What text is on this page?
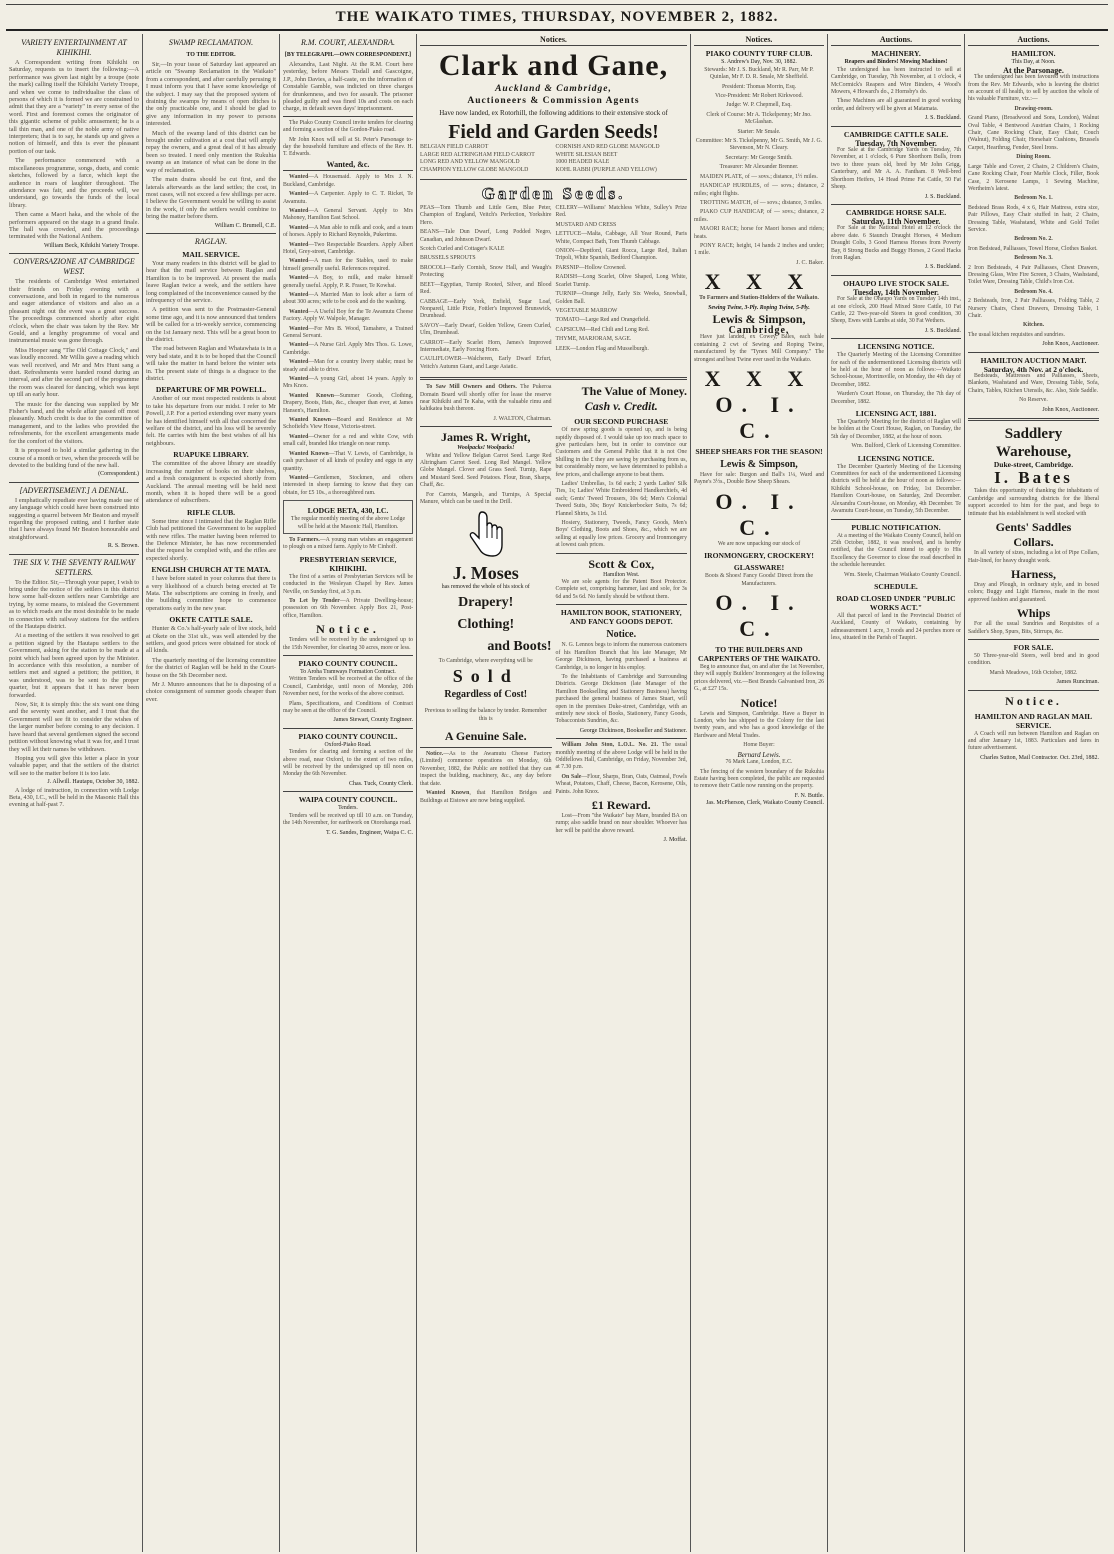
THE WAIKATO TIMES, THURSDAY, NOVEMBER 2, 1882.
VARIETY ENTERTAINMENT AT KIHIKIHI.

A Correspondent writing from Kihikihi on Saturday, requests us to insert the following:—A performance was given last night by a troupe (note the mark) calling itself the Kihikihi Variety Troupe, and when we come to individualise the class of persons of which it is formed we are constrained to admit that they are a "variety" in every sense of the word. First and foremost comes the originator of this gigantic scheme of public amusement; he is a tall thin man, and one of the noble army of native interpreters; that is to say, he stands up and gives a notion of himself, and this is ever the pleasant portion of our task.

The performance commenced with a miscellaneous programme, songs, duets, and comic sketches, followed by a farce, which kept the audience in roars of laughter throughout. The attendance was fair, and the proceeds will, we understand, go towards the funds of the local library.

Then came a Maori haka, and the whole of the performers appeared on the stage in a grand finale. The hall was crowded, and the proceedings terminated with the National Anthem.

William Beck, Kihikihi Variety Troupe.
CONVERSAZIONE AT CAMBRIDGE WEST.

The residents of Cambridge West entertained their friends on Friday evening with a conversazione, and both in regard to the numerous and eager attendance of visitors and also as a pleasant night out the event was a great success. The proceedings commenced shortly after eight o'clock, when the chair was taken by the Rev. Mr Gould, and a lengthy programme of vocal and instrumental music was gone through.

Miss Hooper sang "The Old Cottage Clock," and was loudly encored. Mr Willis gave a reading which was well received, and Mr and Mrs Hunt sang a duet. Refreshments were handed round during an interval, and after the second part of the programme the room was cleared for dancing, which was kept up till an early hour.

The music for the dancing was supplied by Mr Fisher's band, and the whole affair passed off most pleasantly. Much credit is due to the committee of management, and to the ladies who provided the refreshments, for the excellent arrangements made for the comfort of the visitors.

It is proposed to hold a similar gathering in the course of a month or two, when the proceeds will be devoted to the building fund of the new hall.

(Correspondent.)
[ADVERTISEMENT.] A DENIAL.

I emphatically repudiate ever having made use of any language which could have been construed into suggesting a quarrel between Mr Beaton and myself regarding the proposed cutting, and I further state that I have always found Mr Beaton honourable and straightforward.

R. S. Brown.
THE SIX V. THE SEVENTY RAILWAY SETTLERS.

To the Editor. Sir,—Through your paper, I wish to bring under the notice of the settlers in this district how some half-dozen settlers near Cambridge are trying, by some means, to mislead the Government as to which roads are the most desirable to be made in connection with railway stations for the settlers of the Hautapu district.

At a meeting of the settlers it was resolved to get a petition signed by the Hautapu settlers to the Government, asking for the station to be made at a point which had been agreed upon by the Minister. In accordance with this resolution, a number of settlers met and signed a petition; the petition, it was understood, was to be sent to the proper quarter, but it appears that it has never been forwarded.

Now, Sir, it is simply this: the six want one thing and the seventy want another, and I trust that the Government will see fit to consider the wishes of the larger number before coming to any decision. I have heard that several gentlemen signed the second petition without knowing what it was for, and I trust they will let their names be withdrawn.

Hoping you will give this letter a place in your valuable paper, and that the settlers of the district will see to the matter before it is too late.

J. Allwill. Hautapu, October 30, 1882.

A lodge of instruction, in connection with Lodge Beta, 430, I.C., will be held in the Masonic Hall this evening at half-past 7.

SWAMP RECLAMATION.
TO THE EDITOR.

Sir,—In your issue of Saturday last appeared an article on "Swamp Reclamation in the Waikato" from a correspondent, and after carefully perusing it I must inform you that I have some knowledge of the subject. I may say that the proposed system of draining the swamps by means of open ditches is the only practicable one, and I should be glad to give any information in my power to persons interested.

Much of the swamp land of this district can be brought under cultivation at a cost that will amply repay the owners, and a great deal of it has already been so treated. I need only mention the Rukuhia swamp as an instance of what can be done in the way of reclamation.

The main drains should be cut first, and the laterals afterwards as the land settles; the cost, in most cases, will not exceed a few shillings per acre. I believe the Government would be willing to assist in the work, if only the settlers would combine to bring the matter before them.

William C. Brumell, C.E.
RAGLAN.
MAIL SERVICE.

Your many readers in this district will be glad to hear that the mail service between Raglan and Hamilton is to be improved. At present the mails leave Raglan twice a week, and the settlers have long complained of the inconvenience caused by the infrequency of the service.

A petition was sent to the Postmaster-General some time ago, and it is now announced that tenders will be called for a tri-weekly service, commencing on the 1st January next. This will be a great boon to the district.

The road between Raglan and Whatawhata is in a very bad state, and it is to be hoped that the Council will take the matter in hand before the winter sets in. The present state of things is a disgrace to the district.

DEPARTURE OF MR POWELL.

Another of our most respected residents is about to take his departure from our midst. I refer to Mr Powell, J.P. For a period extending over many years he has identified himself with all that concerned the welfare of the district, and his loss will be severely felt. He carries with him the best wishes of all his neighbours.

RUAPUKE LIBRARY.

The committee of the above library are steadily increasing the number of books on their shelves, and a fresh consignment is expected shortly from Auckland. The annual meeting will be held next month, when it is hoped there will be a good attendance of subscribers.

RIFLE CLUB.

Some time since I intimated that the Raglan Rifle Club had petitioned the Government to be supplied with new rifles. The matter having been referred to the Defence Minister, he has now recommended that the request be complied with, and the rifles are expected shortly.

ENGLISH CHURCH AT TE MATA.

I have before stated in your columns that there is a very likelihood of a church being erected at Te Mata. The subscriptions are coming in freely, and the building committee hope to commence operations early in the new year.

OKETE CATTLE SALE.

Hunter & Co.'s half-yearly sale of live stock, held at Okete on the 31st ult., was well attended by the settlers, and good prices were obtained for stock of all kinds.

The quarterly meeting of the licensing committee for the district of Raglan will be held in the Court-house on the 5th December next.

Mr J. Munro announces that he is disposing of a choice consignment of summer goods cheaper than ever.

R.M. COURT, ALEXANDRA.
[BY TELEGRAPH.—OWN CORRESPONDENT.]

Alexandra, Last Night. At the R.M. Court here yesterday, before Messrs Tisdall and Gascoigne, J.P., John Davies, a half-caste, on the information of Constable Gamble, was indicted on three charges for drunkenness, and two for assault. The prisoner pleaded guilty and was fined 10s and costs on each charge, in default seven days' imprisonment.

The Piako County Council invite tenders for clearing and forming a section of the Gordon-Piako road.

Mr John Knox will sell at St. Peter's Parsonage to-day the household furniture and effects of the Rev. H. T. Edwards.

Wanted, &c.

Wanted—A Housemaid. Apply to Mrs J. N. Buckland, Cambridge.

Wanted—A Carpenter. Apply to C. T. Ricket, Te Awamutu.

Wanted—A General Servant. Apply to Mrs Mahoney, Hamilton East School.

Wanted—A Man able to milk and cook, and a team of horses. Apply to Richard Reynolds, Pukerimu.

Wanted—Two Respectable Boarders. Apply Albert Hotel, Grey-street, Cambridge.

Wanted—A man for the Stables, used to make himself generally useful. References required.

Wanted—A Boy, to milk, and make himself generally useful. Apply, P. R. Fraser, Te Kowhai.

Wanted—A Married Man to look after a farm of about 300 acres; wife to be cook and do the washing.

Wanted—A Useful Boy for the Te Awamutu Cheese Factory. Apply W. Walpole, Manager.

Wanted—For Mrs B. Wood, Tamahere, a Trained General Servant.

Wanted—A Nurse Girl. Apply Mrs Thos. G. Lowe, Cambridge.

Wanted—Man for a country livery stable; must be steady and able to drive.

Wanted—A young Girl, about 14 years. Apply to Mrs Knox.

Wanted Known—Summer Goods, Clothing, Drapery, Boots, Hats, &c., cheaper than ever, at James Hansen's, Hamilton.

Wanted Known—Board and Residence at Mr Schofield's View House, Victoria-street.

Wanted—Owner for a red and white Cow, with small calf, branded like triangle on near rump.

Wanted Known—That V. Lewis, of Cambridge, is cash purchaser of all kinds of poultry and eggs in any quantity.

Wanted—Gentlemen, Stockmen, and others interested in sheep farming to know that they can obtain, for £5 10s., a thoroughbred ram.

LODGE BETA, 430, I.C.
The regular monthly meeting of the above Lodge will be held at the Masonic Hall, Hamilton.

To Farmers.—A young man wishes an engagement to plough on a mixed farm. Apply to Mr Cinhoff.

PRESBYTERIAN SERVICE, KIHIKIHI.

The first of a series of Presbyterian Services will be conducted in the Wesleyan Chapel by Rev. James Neville, on Sunday first, at 3 p.m.

To Let by Tender—A Private Dwelling-house; possession on 6th November. Apply Box 21, Post-office, Hamilton.

Notice.

Tenders will be received by the undersigned up to the 15th November, for clearing 30 acres, more or less.

PIAKO COUNTY COUNCIL.
To Aroha Tramways Formation Contract.

Written Tenders will be received at the office of the Council, Cambridge, until noon of Monday, 20th November next, for the works of the above contract.

Plans, Specifications, and Conditions of Contract may be seen at the office of the Council.

James Stewart, County Engineer.
PIAKO COUNTY COUNCIL.
Oxford-Piako Road.

Tenders for clearing and forming a section of the above road, near Oxford, to the extent of two miles, will be received by the undersigned up till noon on Monday the 6th November.

Chas. Tuck, County Clerk.
WAIPA COUNTY COUNCIL.
Tenders.

Tenders will be received up till 10 a.m. on Tuesday, the 14th November, for earthwork on Otorohanga road.

T. G. Sandes, Engineer, Waipa C. C.
Notices.
Clark and Gane,
Auckland & Cambridge,
Auctioneers & Commission Agents
Have now landed, ex Rotorhill, the following additions to their extensive stock of
Field and Garden Seeds!

BELGIAN FIELD CARROT
LARGE RED ALTRINGHAM FIELD CARROT
LONG RED AND YELLOW MANGOLD
CHAMPION YELLOW GLOBE MANGOLD

CORNISH AND RED GLOBE MANGOLD
WHITE SILESIAN BEET
1000 HEADED KALE
KOHL RABBI (PURPLE AND YELLOW)

Garden Seeds.

PEAS—Tom Thumb and Little Gem, Blue Peter, Champion of England, Veitch's Perfection, Yorkshire Hero.

BEANS—Tale Dun Dwarf, Long Podded Negro, Canadian, and Johnson Dwarf.

Scotch Curled and Cottager's KALE

BRUSSELS SPROUTS

BROCOLI—Early Cornish, Snow Hall, and Waugh's Protecting

BEET—Egyptian, Turnip Rooted, Silver, and Blood Red.

CABBAGE—Early York, Enfield, Sugar Loaf, Nonpareil, Little Pixie, Fottler's Improved Brunswick, Drumhead.

SAVOY—Early Dwarf, Golden Yellow, Green Curled, Ulm, Drumhead.

CARROT—Early Scarlet Horn, James's Improved Intermediate, Early Forcing Horn.

CAULIFLOWER—Walcheren, Early Dwarf Erfurt, Veitch's Autumn Giant, and Large Asiatic.

CELERY—Williams' Matchless White, Sulley's Prize Red.

MUSTARD AND CRESS

LETTUCE—Malta, Cabbage, All Year Round, Paris White, Compact Bath, Tom Thumb Cabbage.

ONION—Deptford, Giant Rocca, Large Red, Italian Tripoli, White Spanish, Bedford Champion.

PARSNIP—Hollow Crowned.

RADISH—Long Scarlet, Olive Shaped, Long White, Scarlet Turnip.

TURNIP—Orange Jelly, Early Six Weeks, Snowball, Golden Ball.

VEGETABLE MARROW

TOMATO—Large Red and Orangefield.

CAPSICUM—Red Chili and Long Red.

THYME, MARJORAM, SAGE.

LEEK—London Flag and Musselburgh.

To Saw Mill Owners and Others. The Pukeroa Domain Board will shortly offer for lease the reserve near Kihikihi and Te Kaha, with the valuable rimu and kahikatea bush thereon.

J. WALTON, Chairman.

James R. Wright,
Woolpacks! Woolpacks!

White and Yellow Belgian Carrot Seed. Large Red Altringham Carrot Seed. Long Red Mangel. Yellow Globe Mangel. Clover and Grass Seed. Turnip, Rape and Mustard Seed. Seed Potatoes. Flour, Bran, Sharps, Chaff, &c.

For Carrots, Mangels, and Turnips, A Special Manure, which can be used in the Drill.

J. Moses
has removed the whole of his stock of
Drapery!
Clothing!
and Boots!
To Cambridge, where everything will be
Sold
Regardless of Cost!
Previous to selling the balance by tender. Remember this is
A Genuine Sale.

Notice.—As to the Awamutu Cheese Factory (Limited) commence operations on Monday, 6th November, 1882, the Public are notified that they can inspect the building, machinery, &c., any day before that date.

Wanted Known, that Hamilton Bridges and Buildings at Eistowe are now being supplied.

The Value of Money.
Cash v. Credit.
OUR SECOND PURCHASE

Of new spring goods is opened up, and is being rapidly disposed of. I would take up too much space to give particulars here, but in order to convince our Customers and the General Public that it is not One Shilling in the £ they are saving by purchasing from us, but considerably more, we have determined to publish a few prices, and challenge anyone to beat them.

Ladies' Umbrellas, 1s 6d each; 2 yards Ladies' Silk Ties, 1s; Ladies' White Embroidered Handkerchiefs, 4d each; Gents' Tweed Trousers, 10s 6d; Men's Colonial Tweed Suits, 30s; Boys' Knickerbocker Suits, 7s 6d; Flannel Shirts, 3s 11d.

Hosiery, Stationery, Tweeds, Fancy Goods, Men's Boys' Clothing, Boots and Shoes, &c., which we are selling at equally low prices. Grocery and Ironmongery at lowest cash prices.

Scott & Cox,
Hamilton West.

We are sole agents for the Patent Boot Protector. Complete set, comprising hammer, last and sole, for 3s 6d and 5s 6d. No family should be without them.

HAMILTON BOOK, STATIONERY, AND FANCY GOODS DEPOT.
Notice.

N. G. Lennox begs to inform the numerous customers of his Hamilton Branch that his late Manager, Mr George Dickinson, having purchased a business at Cambridge, is no longer in his employ.

To the Inhabitants of Cambridge and Surrounding Districts. George Dickinson (late Manager of the Hamilton Bookselling and Stationery Business) having purchased the general business of James Stuart, will open in the premises Duke-street, Cambridge, with an entirely new stock of Books, Stationery, Fancy Goods, Tobacconists Sundries, &c.

George Dickinson, Bookseller and Stationer.

William John Ston, L.O.L. No. 21. The usual monthly meeting of the above Lodge will be held in the Oddfellows Hall, Cambridge, on Friday, November 3rd, at 7.30 p.m.

On Sale—Flour, Sharps, Bran, Oats, Oatmeal, Fowls Wheat, Potatoes, Chaff, Cheese, Bacon, Kerosene, Oils, Paints. John Knox.

£1 Reward.

Lost—From "the Waikato" bay Mare, branded BA on rump; also saddle brand on near shoulder. Whoever has her will be paid the above reward.

J. Moffat.
Notices.
PIAKO COUNTY TURF CLUB.
S. Andrew's Day, Nov. 30, 1882.

Stewards: Mr J. S. Buckland, Mr R. Parr, Mr P. Quinlan, Mr F. D. R. Smale, Mr Sheffield.

President: Thomas Morrin, Esq.

Vice-President: Mr Robert Kirkwood.

Judge: W. P. Chepmell, Esq.

Clerk of Course: Mr A. Tickelpenny; Mr Jno. McGlashan.

Starter: Mr Smale.

Committee: Mr S. Tickelpenny, Mr G. Smith, Mr J. G. Stevenson, Mr N. Cleary.

Secretary: Mr George Smith.

Treasurer: Mr Alexander Brenner.

MAIDEN PLATE, of — sovs.; distance, 1½ miles.

HANDICAP HURDLES, of — sovs.; distance, 2 miles; eight flights.

TROTTING MATCH, of — sovs.; distance, 3 miles.

PIAKO CUP HANDICAP, of — sovs.; distance, 2 miles.

MAORI RACE; horse for Maori horses and riders; heats.

PONY RACE; height, 14 hands 2 inches and under; 1 mile.

J. C. Baker.

X X X

To Farmers and Station-Holders of the Waikato.

Sewing Twine, 3-Ply. Roping Twine, 5-Ply.
Lewis & Simpson,
Cambridge,

Have just landed, ex Cowey, Bales, each bale containing 2 cwt of Sewing and Roping Twine, manufactured by the "Tynex Mill Company." The strongest and best Twine ever used in the Waikato.

X X X
O. I. C.
SHEEP SHEARS FOR THE SEASON!
Lewis & Simpson,

Have for sale: Burgon and Ball's 1¼, Ward and Payne's 3½s., Double Bow Sheep Shears.

O. I. C.

We are now unpacking our stock of

IRONMONGERY, CROCKERY!
GLASSWARE!

Boots & Shoes! Fancy Goods! Direct from the Manufacturers.

O. I. C.
TO THE BUILDERS AND CARPENTERS OF THE WAIKATO.

Beg to announce that, on and after the 1st November, they will supply Builders' Ironmongery at the following prices delivered, viz.—Best Brands Galvanised Iron, 26 G., at £27 15s.

Notice!

Lewis and Simpson, Cambridge. Have a Buyer in London, who has shipped to the Colony for the last twenty years, and who has a good knowledge of the Hardware and Metal Trades.

Home Buyer:

Bernard Lewis.

76 Mark Lane, London, E.C.

The fencing of the western boundary of the Rukuhia Estate having been completed, the public are requested to remove their Cattle now running on the property.

F. N. Buttle.
Jas. McPherson, Clerk, Waikato County Council.
Auctions.
MACHINERY.
Reapers and Binders! Mowing Machines!

The undersigned has been instructed to sell at Cambridge, on Tuesday, 7th November, at 1 o'clock, 4 McCormick's Reapers and Wire Binders, 4 Wood's Mowers, 4 Howard's do., 2 Hornsby's do.

These Machines are all guaranteed in good working order, and delivery will be given at Matamata.

J. S. Buckland.
CAMBRIDGE CATTLE SALE.
Tuesday, 7th November.

For Sale at the Cambridge Yards on Tuesday, 7th November, at 1 o'clock, 6 Pure Shorthorn Bulls, from two to three years old, bred by Mr John Grigg, Canterbury, and Mr A. A. Fantham. 8 Well-bred Shorthorn Heifers, 14 Head Prime Fat Cattle, 50 Fat Sheep.

J. S. Buckland.
CAMBRIDGE HORSE SALE.
Saturday, 11th November.

For Sale at the National Hotel at 12 o'clock the above date. 6 Staunch Draught Horses, 4 Medium Draught Colts, 3 Good Harness Horses from Poverty Bay, 8 Strong Bucks and Buggy Horses, 2 Good Hacks from Raglan.

J. S. Buckland.
OHAUPO LIVE STOCK SALE.
Tuesday, 14th November.

For Sale at the Ohaupo Yards on Tuesday 14th inst., at one o'clock, 200 Head Mixed Store Cattle, 10 Fat Cattle, 22 Two-year-old Steers in good condition, 30 Sheep, Ewes with Lambs at side, 30 Fat Wethers.

J. S. Buckland.
LICENSING NOTICE.

The Quarterly Meeting of the Licensing Committee for each of the undermentioned Licensing districts will be held at the hour of noon as follows:—Waikato School-house, Morrinsville, on Monday, the 4th day of December, 1882.

Warden's Court House, on Thursday, the 7th day of December, 1882.

LICENSING ACT, 1881.

The Quarterly Meeting for the district of Raglan will be holden at the Court House, Raglan, on Tuesday, the 5th day of December, 1882, at the hour of noon.

Wm. Bulford, Clerk of Licensing Committee.

LICENSING NOTICE.

The December Quarterly Meeting of the Licensing Committees for each of the undermentioned Licensing districts will be held at the hour of noon as follows:—Kihikihi School-house, on Friday, 1st December. Hamilton Court-house, on Saturday, 2nd December. Alexandra Court-house, on Monday, 4th December. Te Awamutu Court-house, on Tuesday, 5th December.

PUBLIC NOTIFICATION.

At a meeting of the Waikato County Council, held on 25th October, 1882, it was resolved, and is hereby notified, that the Council intend to apply to His Excellency the Governor to close the road described in the schedule hereunder.

Wm. Steele, Chairman Waikato County Council.

SCHEDULE.
ROAD CLOSED UNDER "PUBLIC WORKS ACT."

All that parcel of land in the Provincial District of Auckland, County of Waikato, containing by admeasurement 1 acre, 3 roods and 24 perches more or less, situated in the Parish of Taupiri.

Auctions.
HAMILTON.
This Day, at Noon.
At the Parsonage.

The undersigned has been favoured with instructions from the Rev. Mr Edwards, who is leaving the district on account of ill health, to sell by auction the whole of his valuable Furniture, viz.:—

Drawing-room.

Grand Piano, (Broadwood and Sons, London), Walnut Oval Table, 4 Bentwood Austrian Chairs, 1 Rocking Chair, Cane Rocking Chair, Easy Chair, Couch (Walnut), Folding Chair, Horsehair Cushions, Brussels Carpet, Hearthrug, Fender, Steel Irons.

Dining Room.

Large Table and Cover, 2 Chairs, 2 Children's Chairs, Cane Rocking Chair, Four Marble Clock, Filler, Book Case, 2 Kerosene Lamps, 1 Sewing Machine, Wertheim's latest.

Bedroom No. 1.

Bedstead Brass Rods, 4 x 6, Hair Mattress, extra size, Pair Pillows, Easy Chair stuffed in hair, 2 Chairs, Dressing Table, Washstand, White and Gold Toilet Service.

Bedroom No. 2.

Iron Bedstead, Palliasses, Towel Horse, Clothes Basket.

Bedroom No. 3.

2 Iron Bedsteads, 4 Pair Palliasses, Chest Drawers, Dressing Glass, Wire Fire Screen, 3 Chairs, Washstand, Toilet Ware, Dressing Table, Child's Iron Cot.

Bedroom No. 4.

2 Bedsteads, Iron, 2 Pair Palliasses, Folding Table, 2 Nursery Chairs, Chest Drawers, Dressing Table, 1 Chair.

Kitchen.

The usual kitchen requisites and sundries.

John Knox, Auctioneer.
HAMILTON AUCTION MART.
Saturday, 4th Nov. at 2 o'clock.

Bedsteads, Mattresses and Palliasses, Sheets, Blankets, Washstand and Ware, Dressing Table, Sofa, Chairs, Tables, Kitchen Utensils, &c. Also, Side Saddle.

No Reserve.

John Knox, Auctioneer.
Saddlery Warehouse,
Duke-street, Cambridge.
I. Bates

Takes this opportunity of thanking the inhabitants of Cambridge and surrounding districts for the liberal support accorded to him for the past, and begs to intimate that his establishment is well stocked with

Gents' Saddles
Collars.

In all variety of sizes, including a lot of Pipe Collars, Hair-lined, for heavy draught work.

Harness,

Dray and Plough, in ordinary style, and in boxed colors; Buggy and Light Harness, made in the most approved fashion and guaranteed.

Whips

For all the usual Sundries and Requisites of a Saddler's Shop, Spurs, Bits, Stirrups, &c.

FOR SALE.

50 Three-year-old Steers, well bred and in good condition.

Marsh Meadows, 16th October, 1882.

James Runciman.
Notice.
HAMILTON AND RAGLAN MAIL SERVICE.

A Coach will run between Hamilton and Raglan on and after January 1st, 1883. Particulars and fares in future advertisement.

Charles Sutton, Mail Contractor. Oct. 23rd, 1882.
